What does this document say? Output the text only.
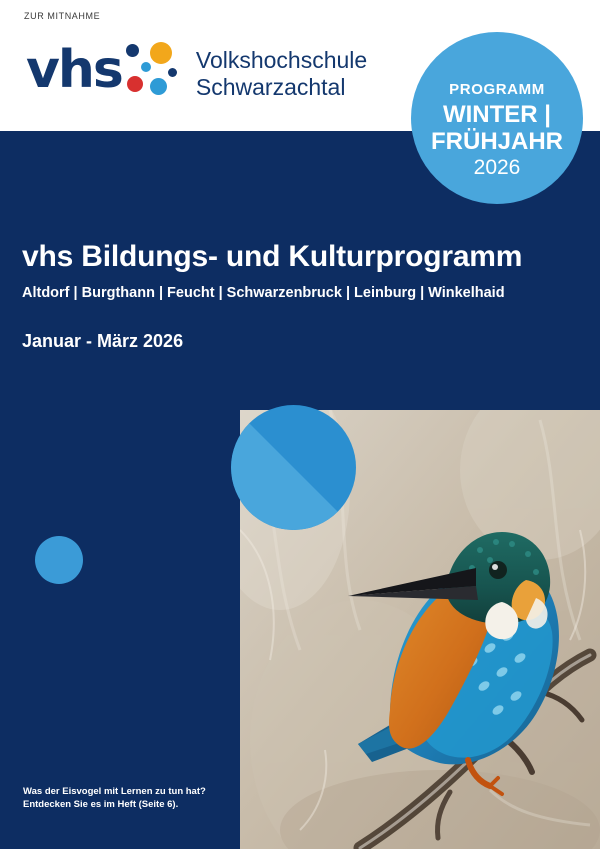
ZUR MITNAHME
vhs	Volkshochschule
Schwarzachtal	PROGRAMM
WINTER | FRÜHJAHR
2026
vhs Bildungs- und Kulturprogramm
Altdorf | Burgthann | Feucht | Schwarzenbruck | Leinburg | Winkelhaid
Januar - März 2026
Was der Eisvogel mit Lernen zu tun hat?
Entdecken Sie es im Heft (Seite 6).
